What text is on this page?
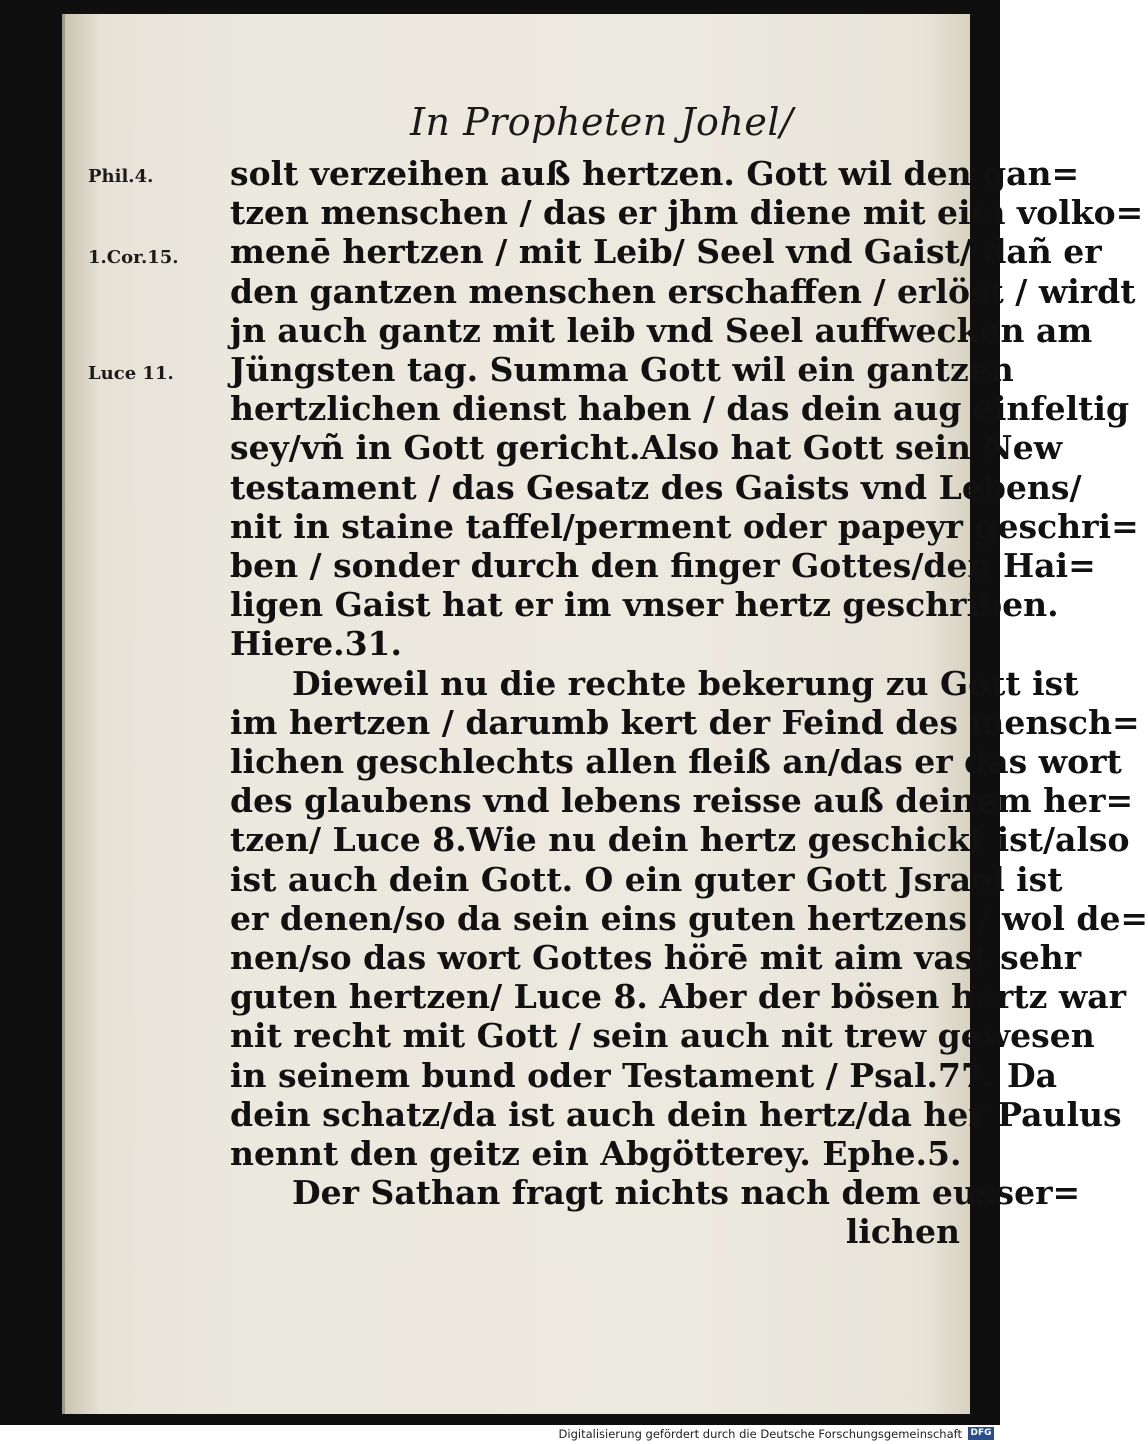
In Propheten Johel/
Phil.4.
1.Cor.15.
Luce 11.
solt verzeihen auß hertzen. Gott wil den gan=
tzen menschen / das er jhm diene mit eim volko=
menē hertzen / mit Leib/ Seel vnd Gaist/ dañ er
den gantzen menschen erschaffen / erlöst / wirdt
jn auch gantz mit leib vnd Seel auffwecken am
Jüngsten tag. Summa Gott wil ein gantzen
hertzlichen dienst haben / das dein aug einfeltig
sey/vñ in Gott gericht.Also hat Gott sein New
testament / das Gesatz des Gaists vnd Lebens/
nit in staine taffel/perment oder papeyr geschri=
ben / sonder durch den finger Gottes/den Hai=
ligen Gaist hat er im vnser hertz geschriben.
Hiere.31.
Dieweil nu die rechte bekerung zu Gott ist
im hertzen / darumb kert der Feind des mensch=
lichen geschlechts allen fleiß an/das er das wort
des glaubens vnd lebens reisse auß deinem her=
tzen/ Luce 8.Wie nu dein hertz geschickt ist/also
ist auch dein Gott. O ein guter Gott Jsrael ist
er denen/so da sein eins guten hertzens / wol de=
nen/so das wort Gottes hörē mit aim vast sehr
guten hertzen/ Luce 8. Aber der bösen hertz war
nit recht mit Gott / sein auch nit trew gewesen
in seinem bund oder Testament / Psal.77. Da
dein schatz/da ist auch dein hertz/da her Paulus
nennt den geitz ein Abgötterey. Ephe.5.
Der Sathan fragt nichts nach dem eusser=
lichen
Digitalisierung gefördert durch die Deutsche Forschungsgemeinschaft DFG
